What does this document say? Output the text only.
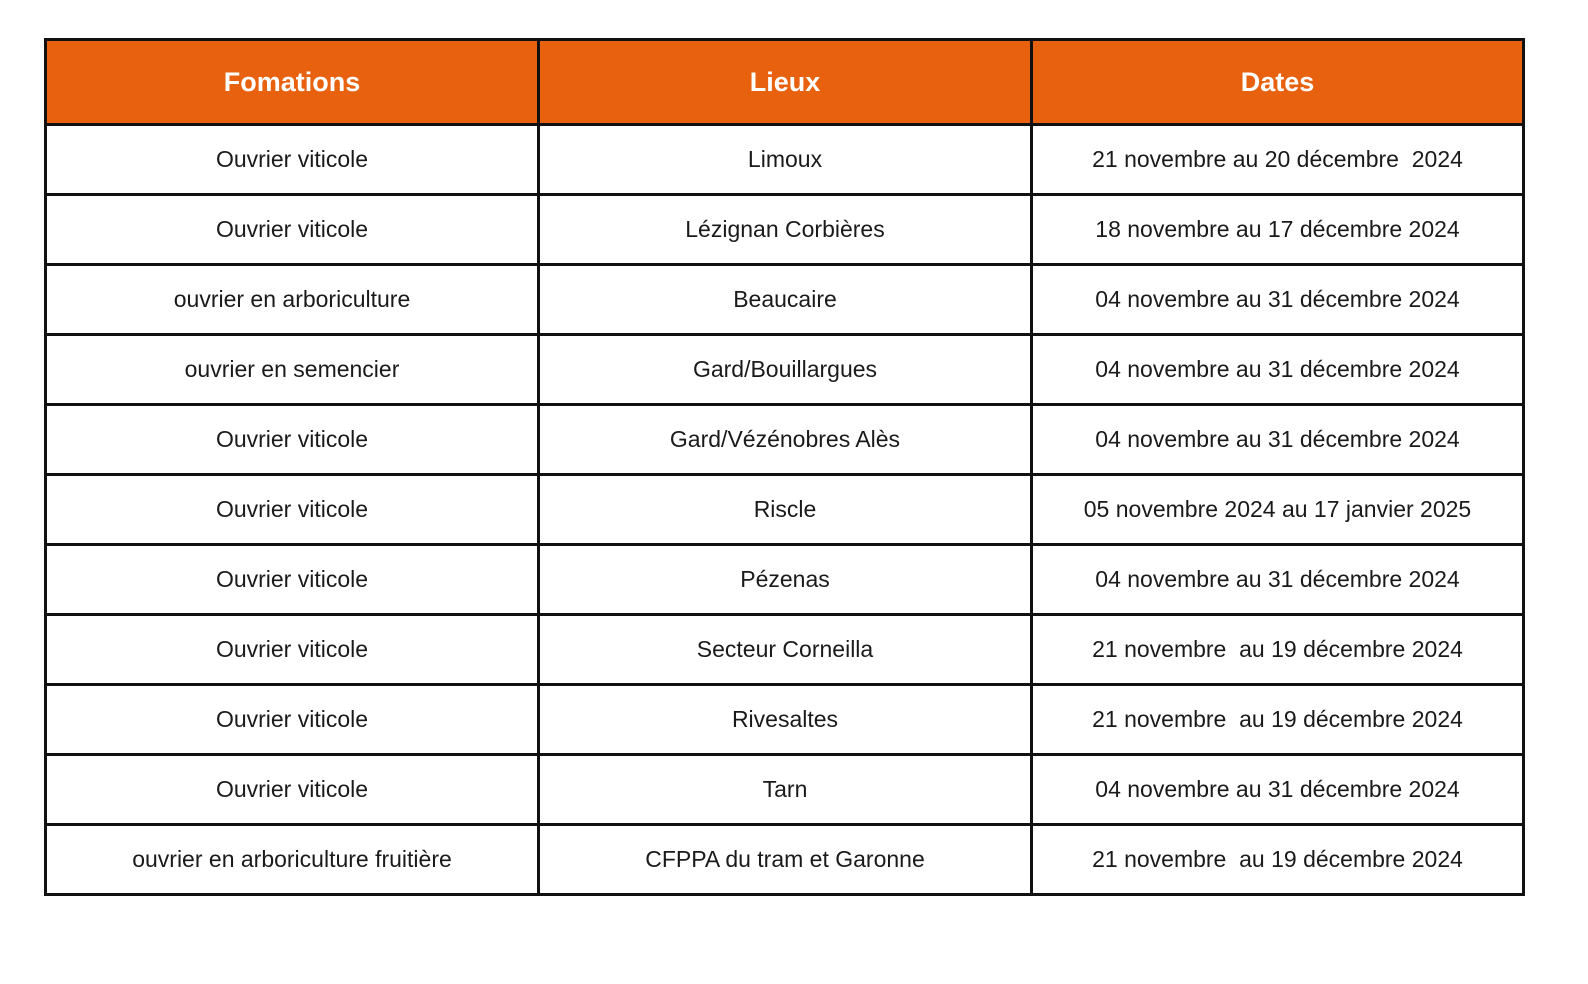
Fomations	Lieux	Dates
Ouvrier viticole	Limoux	21 novembre au 20 décembre  2024
Ouvrier viticole	Lézignan Corbières	18 novembre au 17 décembre 2024
ouvrier en arboriculture	Beaucaire	04 novembre au 31 décembre 2024
ouvrier en semencier	Gard/Bouillargues	04 novembre au 31 décembre 2024
Ouvrier viticole	Gard/Vézénobres Alès	04 novembre au 31 décembre 2024
Ouvrier viticole	Riscle	05 novembre 2024 au 17 janvier 2025
Ouvrier viticole	Pézenas	04 novembre au 31 décembre 2024
Ouvrier viticole	Secteur Corneilla	21 novembre  au 19 décembre 2024
Ouvrier viticole	Rivesaltes	21 novembre  au 19 décembre 2024
Ouvrier viticole	Tarn	04 novembre au 31 décembre 2024
ouvrier en arboriculture fruitière	CFPPA du tram et Garonne	21 novembre  au 19 décembre 2024
